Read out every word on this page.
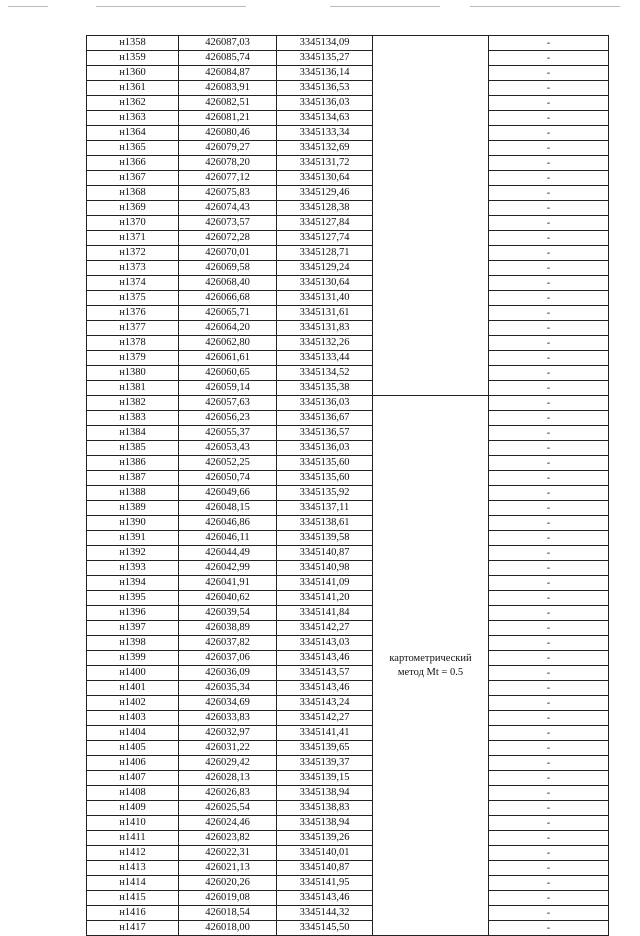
н1358	426087,03	3345134,09		-
н1359	426085,74	3345135,27		-
н1360	426084,87	3345136,14		-
н1361	426083,91	3345136,53		-
н1362	426082,51	3345136,03		-
н1363	426081,21	3345134,63		-
н1364	426080,46	3345133,34		-
н1365	426079,27	3345132,69		-
н1366	426078,20	3345131,72		-
н1367	426077,12	3345130,64		-
н1368	426075,83	3345129,46		-
н1369	426074,43	3345128,38		-
н1370	426073,57	3345127,84		-
н1371	426072,28	3345127,74		-
н1372	426070,01	3345128,71		-
н1373	426069,58	3345129,24		-
н1374	426068,40	3345130,64		-
н1375	426066,68	3345131,40		-
н1376	426065,71	3345131,61		-
н1377	426064,20	3345131,83		-
н1378	426062,80	3345132,26		-
н1379	426061,61	3345133,44		-
н1380	426060,65	3345134,52		-
н1381	426059,14	3345135,38		-
н1382	426057,63	3345136,03	картометрический
метод Mt = 0.5	-
н1383	426056,23	3345136,67		-
н1384	426055,37	3345136,57		-
н1385	426053,43	3345136,03		-
н1386	426052,25	3345135,60		-
н1387	426050,74	3345135,60		-
н1388	426049,66	3345135,92		-
н1389	426048,15	3345137,11		-
н1390	426046,86	3345138,61		-
н1391	426046,11	3345139,58		-
н1392	426044,49	3345140,87		-
н1393	426042,99	3345140,98		-
н1394	426041,91	3345141,09		-
н1395	426040,62	3345141,20		-
н1396	426039,54	3345141,84		-
н1397	426038,89	3345142,27		-
н1398	426037,82	3345143,03		-
н1399	426037,06	3345143,46		-
н1400	426036,09	3345143,57		-
н1401	426035,34	3345143,46		-
н1402	426034,69	3345143,24		-
н1403	426033,83	3345142,27		-
н1404	426032,97	3345141,41		-
н1405	426031,22	3345139,65		-
н1406	426029,42	3345139,37		-
н1407	426028,13	3345139,15		-
н1408	426026,83	3345138,94		-
н1409	426025,54	3345138,83		-
н1410	426024,46	3345138,94		-
н1411	426023,82	3345139,26		-
н1412	426022,31	3345140,01		-
н1413	426021,13	3345140,87		-
н1414	426020,26	3345141,95		-
н1415	426019,08	3345143,46		-
н1416	426018,54	3345144,32		-
н1417	426018,00	3345145,50		-
